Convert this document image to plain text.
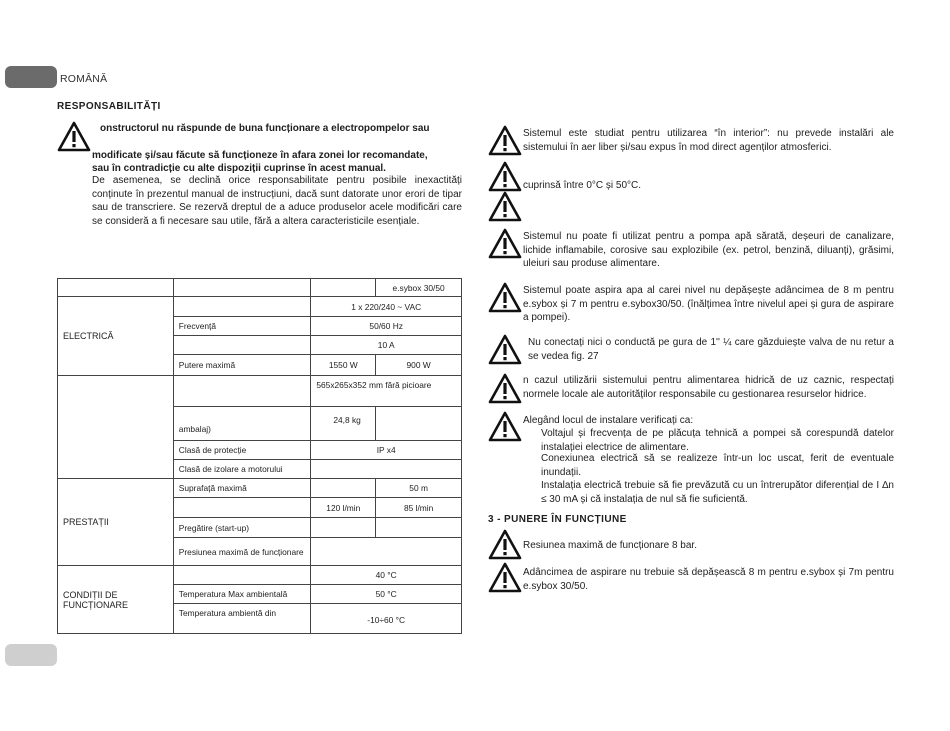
ROMÂNĂ
RESPONSABILITĂȚI
onstructorul nu răspunde de buna funcționare a electropompelor sau
modificate și/sau făcute să funcționeze în afara zonei lor recomandate,
sau în contradicție cu alte dispoziții cuprinse în acest manual.
De asemenea, se declină orice responsabilitate pentru posibile inexactități conținute în prezentul manual de instrucțiuni, dacă sunt datorate unor erori de tipar sau de transcriere. Se rezervă dreptul de a aduce produselor acele modificări care se consideră a fi necesare sau utile, fără a altera caracteristicile esențiale.
			e.sybox 30/50
ELECTRICĂ		1 x 220/240 ~ VAC	
	Frecvență	50/60 Hz	
		10 A	
	Putere maximă	1550 W	900 W
		565x265x352 mm fără picioare	
	ambalaj)	24,8 kg	
	Clasă de protecție	IP x4	
	Clasă de izolare a motorului		
PRESTAȚII	Suprafață maximă		50 m
		120 l/min	85 l/min
	Pregătire (start-up)		
	Presiunea maximă de funcționare		
CONDIȚII DE
FUNCȚIONARE		40 °C	
	Temperatura Max ambientală	50 °C	
	Temperatura ambientă din	-10÷60 °C	
Sistemul este studiat pentru utilizarea “în interior”: nu prevede instalări ale sistemului în aer liber și/sau expus în mod direct agenților atmosferici.
cuprinsă între 0°C și 50°C.
Sistemul nu poate fi utilizat pentru a pompa apă sărată, deșeuri de canalizare, lichide inflamabile, corosive sau explozibile (ex. petrol, benzină, diluanți), grăsimi, uleiuri sau produse alimentare.
Sistemul poate aspira apa al carei nivel nu depășește adâncimea de 8 m pentru e.sybox și 7 m pentru e.sybox30/50. (înălțimea între nivelul apei și gura de aspirare a pompei).
Nu conectați nici o conductă pe gura de 1'' ¼ care găzduiește valva de nu retur a se vedea fig. 27
n cazul utilizării sistemului pentru alimentarea hidrică de uz caznic, respectați normele locale ale autorităților responsabile cu gestionarea resurselor hidrice.
Alegând locul de instalare verificați ca:
Voltajul și frecvența de pe plăcuța tehnică a pompei să corespundă datelor instalației electrice de alimentare.
Conexiunea electrică să se realizeze într-un loc uscat, ferit de eventuale inundații.
Instalația electrică trebuie să fie prevăzută cu un întrerupător diferențial de I ∆n ≤ 30 mA și că instalația de nul să fie suficientă.
3 - PUNERE ÎN FUNCȚIUNE
Resiunea maximă de funcționare 8 bar.
Adâncimea de aspirare nu trebuie să depășească 8 m pentru e.sybox și 7m pentru e.sybox 30/50.
